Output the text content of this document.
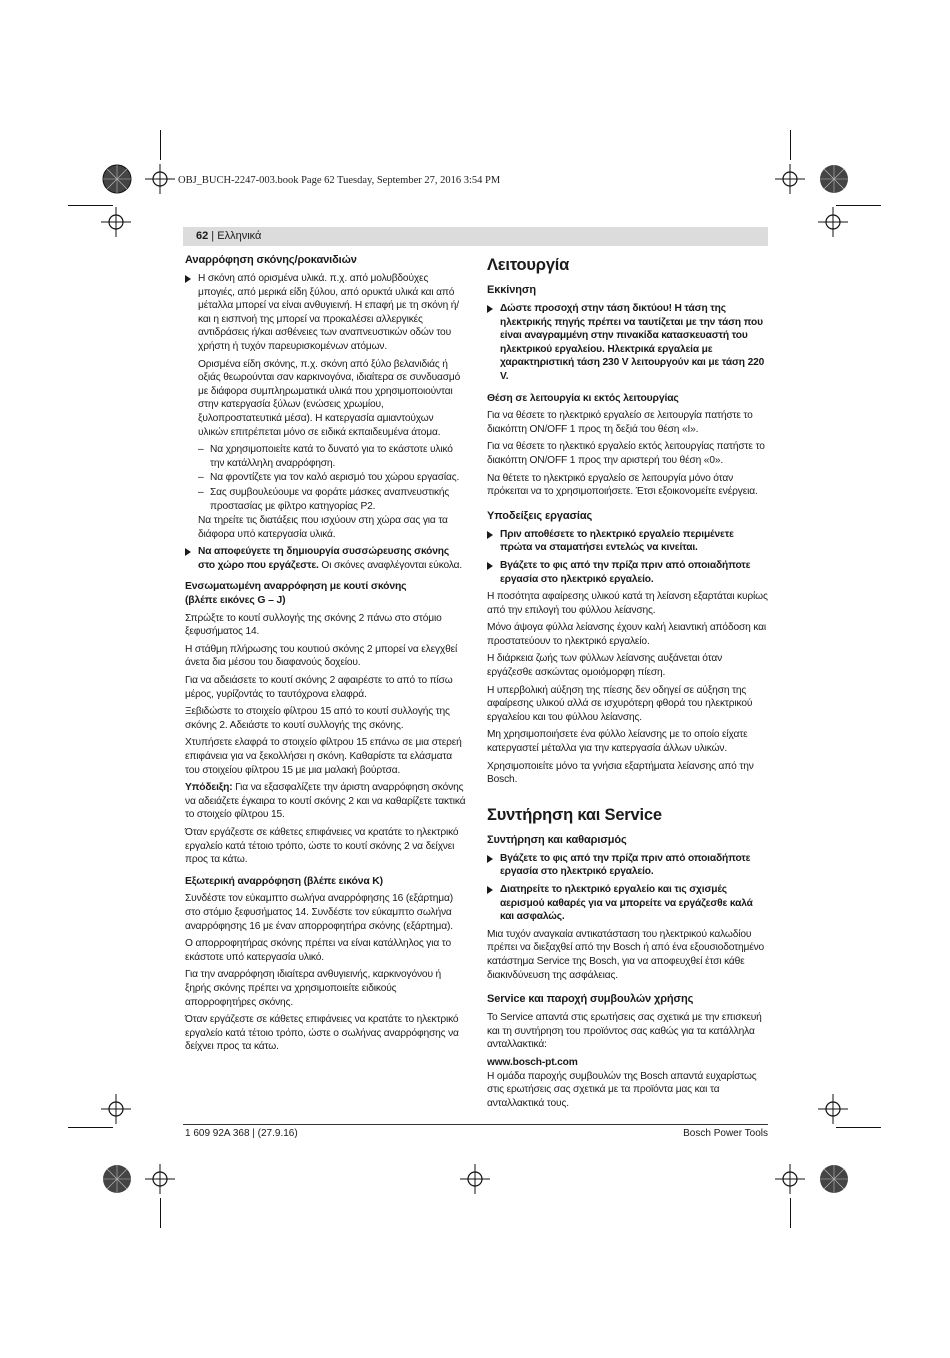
OBJ_BUCH-2247-003.book Page 62 Tuesday, September 27, 2016 3:54 PM
62 | Ελληνικά
Αναρρόφηση σκόνης/ροκανιδιών
Η σκόνη από ορισμένα υλικά. π.χ. από μολυβδούχες μπογιές, από μερικά είδη ξύλου, από ορυκτά υλικά και από μέταλλα μπορεί να είναι ανθυγιεινή. Η επαφή με τη σκόνη ή/και η εισπνοή της μπορεί να προκαλέσει αλλεργικές αντιδράσεις ή/και ασθένειες των αναπνευστικών οδών του χρήστη ή τυχόν παρευρισκομένων ατόμων.

Ορισμένα είδη σκόνης, π.χ. σκόνη από ξύλο βελανιδιάς ή οξιάς θεωρούνται σαν καρκινογόνα, ιδιαίτερα σε συνδυασμό με διάφορα συμπληρωματικά υλικά που χρησιμοποιούνται στην κατεργασία ξύλων (ενώσεις χρωμίου, ξυλοπροστατευτικά μέσα). Η κατεργασία αμιαντούχων υλικών επιτρέπεται μόνο σε ειδικά εκπαιδευμένα άτομα.

– Να χρησιμοποιείτε κατά το δυνατό για το εκάστοτε υλικό την κατάλληλη αναρρόφηση.
– Να φροντίζετε για τον καλό αερισμό του χώρου εργασίας.
– Σας συμβουλεύουμε να φοράτε μάσκες αναπνευστικής προστασίας με φίλτρο κατηγορίας P2.

Να τηρείτε τις διατάξεις που ισχύουν στη χώρα σας για τα διάφορα υπό κατεργασία υλικά.

Να αποφεύγετε τη δημιουργία συσσώρευσης σκόνης στο χώρο που εργάζεστε. Οι σκόνες αναφλέγονται εύκολα.
Ενσωματωμένη αναρρόφηση με κουτί σκόνης
(βλέπε εικόνες G – J)

Σπρώξτε το κουτί συλλογής της σκόνης 2 πάνω στο στόμιο ξεφυσήματος 14.

Η στάθμη πλήρωσης του κουτιού σκόνης 2 μπορεί να ελεγχθεί άνετα δια μέσου του διαφανούς δοχείου.

Για να αδειάσετε το κουτί σκόνης 2 αφαιρέστε το από το πίσω μέρος, γυρίζοντάς το ταυτόχρονα ελαφρά.

Ξεβιδώστε το στοιχείο φίλτρου 15 από το κουτί συλλογής της σκόνης 2. Αδειάστε το κουτί συλλογής της σκόνης.

Χτυπήσετε ελαφρά το στοιχείο φίλτρου 15 επάνω σε μια στερεή επιφάνεια για να ξεκολλήσει η σκόνη. Καθαρίστε τα ελάσματα του στοιχείου φίλτρου 15 με μια μαλακή βούρτσα.

Υπόδειξη: Για να εξασφαλίζετε την άριστη αναρρόφηση σκόνης να αδειάζετε έγκαιρα το κουτί σκόνης 2 και να καθαρίζετε τακτικά το στοιχείο φίλτρου 15.

Όταν εργάζεστε σε κάθετες επιφάνειες να κρατάτε το ηλεκτρικό εργαλείο κατά τέτοιο τρόπο, ώστε το κουτί σκόνης 2 να δείχνει προς τα κάτω.

Εξωτερική αναρρόφηση (βλέπε εικόνα K)

Συνδέστε τον εύκαμπτο σωλήνα αναρρόφησης 16 (εξάρτημα) στο στόμιο ξεφυσήματος 14. Συνδέστε τον εύκαμπτο σωλήνα αναρρόφησης 16 με έναν απορροφητήρα σκόνης (εξάρτημα).

Ο απορροφητήρας σκόνης πρέπει να είναι κατάλληλος για το εκάστοτε υπό κατεργασία υλικό.

Για την αναρρόφηση ιδιαίτερα ανθυγιεινής, καρκινογόνου ή ξηρής σκόνης πρέπει να χρησιμοποιείτε ειδικούς απορροφητήρες σκόνης.

Όταν εργάζεστε σε κάθετες επιφάνειες να κρατάτε το ηλεκτρικό εργαλείο κατά τέτοιο τρόπο, ώστε ο σωλήνας αναρρόφησης να δείχνει προς τα κάτω.

Λειτουργία
Εκκίνηση
Δώστε προσοχή στην τάση δικτύου! Η τάση της ηλεκτρικής πηγής πρέπει να ταυτίζεται με την τάση που είναι αναγραμμένη στην πινακίδα κατασκευαστή του ηλεκτρικού εργαλείου. Ηλεκτρικά εργαλεία με χαρακτηριστική τάση 230 V λειτουργούν και με τάση 220 V.
Θέση σε λειτουργία κι εκτός λειτουργίας

Για να θέσετε το ηλεκτρικό εργαλείο σε λειτουργία πατήστε το διακόπτη ON/OFF 1 προς τη δεξιά του θέση «I».

Για να θέσετε το ηλεκτικό εργαλείο εκτός λειτουργίας πατήστε το διακόπτη ON/OFF 1 προς την αριστερή του θέση «0».

Να θέτετε το ηλεκτρικό εργαλείο σε λειτουργία μόνο όταν πρόκειται να το χρησιμοποιήσετε. Έτσι εξοικονομείτε ενέργεια.

Υποδείξεις εργασίας
Πριν αποθέσετε το ηλεκτρικό εργαλείο περιμένετε πρώτα να σταματήσει εντελώς να κινείται.
Βγάζετε το φις από την πρίζα πριν από οποιαδήποτε εργασία στο ηλεκτρικό εργαλείο.

Η ποσότητα αφαίρεσης υλικού κατά τη λείανση εξαρτάται κυρίως από την επιλογή του φύλλου λείανσης.

Μόνο άψογα φύλλα λείανσης έχουν καλή λειαντική απόδοση και προστατεύουν το ηλεκτρικό εργαλείο.

Η διάρκεια ζωής των φύλλων λείανσης αυξάνεται όταν εργάζεσθε ασκώντας ομοιόμορφη πίεση.

Η υπερβολική αύξηση της πίεσης δεν οδηγεί σε αύξηση της αφαίρεσης υλικού αλλά σε ισχυρότερη φθορά του ηλεκτρικού εργαλείου και του φύλλου λείανσης.

Μη χρησιμοποιήσετε ένα φύλλο λείανσης με το οποίο είχατε κατεργαστεί μέταλλα για την κατεργασία άλλων υλικών.

Χρησιμοποιείτε μόνο τα γνήσια εξαρτήματα λείανσης από την Bosch.

Συντήρηση και Service
Συντήρηση και καθαρισμός
Βγάζετε το φις από την πρίζα πριν από οποιαδήποτε εργασία στο ηλεκτρικό εργαλείο.
Διατηρείτε το ηλεκτρικό εργαλείο και τις σχισμές αερισμού καθαρές για να μπορείτε να εργάζεσθε καλά και ασφαλώς.

Μια τυχόν αναγκαία αντικατάσταση του ηλεκτρικού καλωδίου πρέπει να διεξαχθεί από την Bosch ή από ένα εξουσιοδοτημένο κατάστημα Service της Bosch, για να αποφευχθεί έτσι κάθε διακινδύνευση της ασφάλειας.

Service και παροχή συμβουλών χρήσης

Το Service απαντά στις ερωτήσεις σας σχετικά με την επισκευή και τη συντήρηση του προϊόντος σας καθώς για τα κατάλληλα ανταλλακτικά:

www.bosch-pt.com

Η ομάδα παροχής συμβουλών της Bosch απαντά ευχαρίστως στις ερωτήσεις σας σχετικά με τα προϊόντα μας και τα ανταλλακτικά τους.

1 609 92A 368 | (27.9.16)	Bosch Power Tools
